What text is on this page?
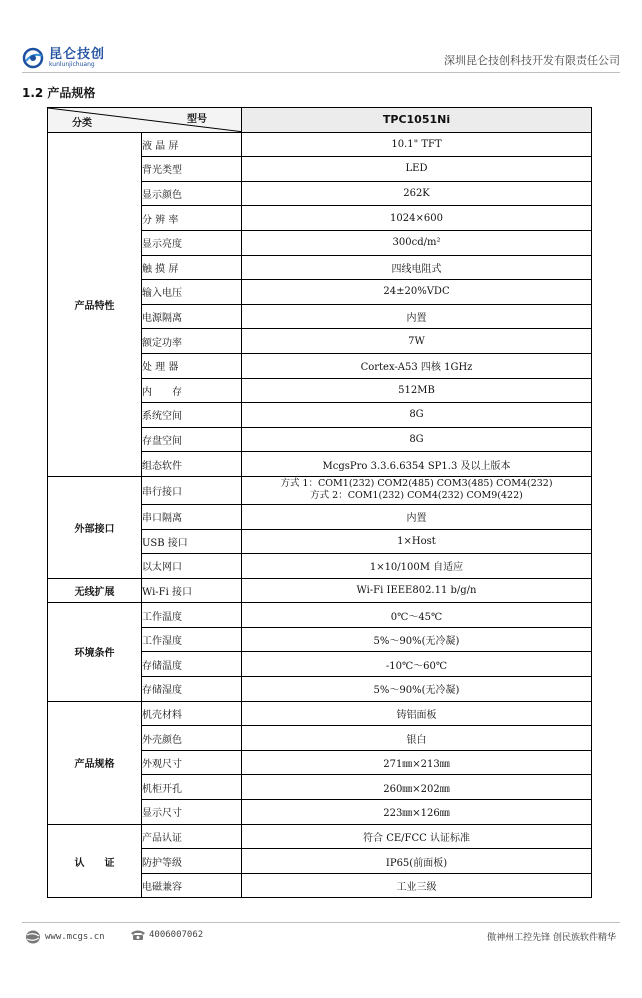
昆仑技创
kunlunjichuang	深圳昆仑技创科技开发有限责任公司
1.2 产品规格
型号
分类		TPC1051Ni
产品特性	液 晶 屏	10.1" TFT
	背光类型	LED
	显示颜色	262K
	分 辨 率	1024×600
	显示亮度	300cd/m²
	触 摸 屏	四线电阻式
	输入电压	24±20%VDC
	电源隔离	内置
	额定功率	7W
	处 理 器	Cortex-A53 四核 1GHz
	内　　存	512MB
	系统空间	8G
	存盘空间	8G
	组态软件	McgsPro 3.3.6.6354 SP1.3 及以上版本
外部接口	串行接口	方式 1：COM1(232) COM2(485) COM3(485) COM4(232)
方式 2：COM1(232) COM4(232) COM9(422)
	串口隔离	内置
	USB 接口	1×Host
	以太网口	1×10/100M 自适应
无线扩展	Wi-Fi 接口	Wi-Fi IEEE802.11 b/g/n
环境条件	工作温度	0℃～45℃
	工作湿度	5%～90%(无冷凝)
	存储温度	-10℃～60℃
	存储湿度	5%～90%(无冷凝)
产品规格	机壳材料	铸铝面板
	外壳颜色	银白
	外观尺寸	271㎜×213㎜
	机柜开孔	260㎜×202㎜
	显示尺寸	223㎜×126㎜
认　　证	产品认证	符合 CE/FCC 认证标准
	防护等级	IP65(前面板)
	电磁兼容	工业三级
www.mcgs.cn	4006007062	傲神州工控先锋 创民族软件精华
